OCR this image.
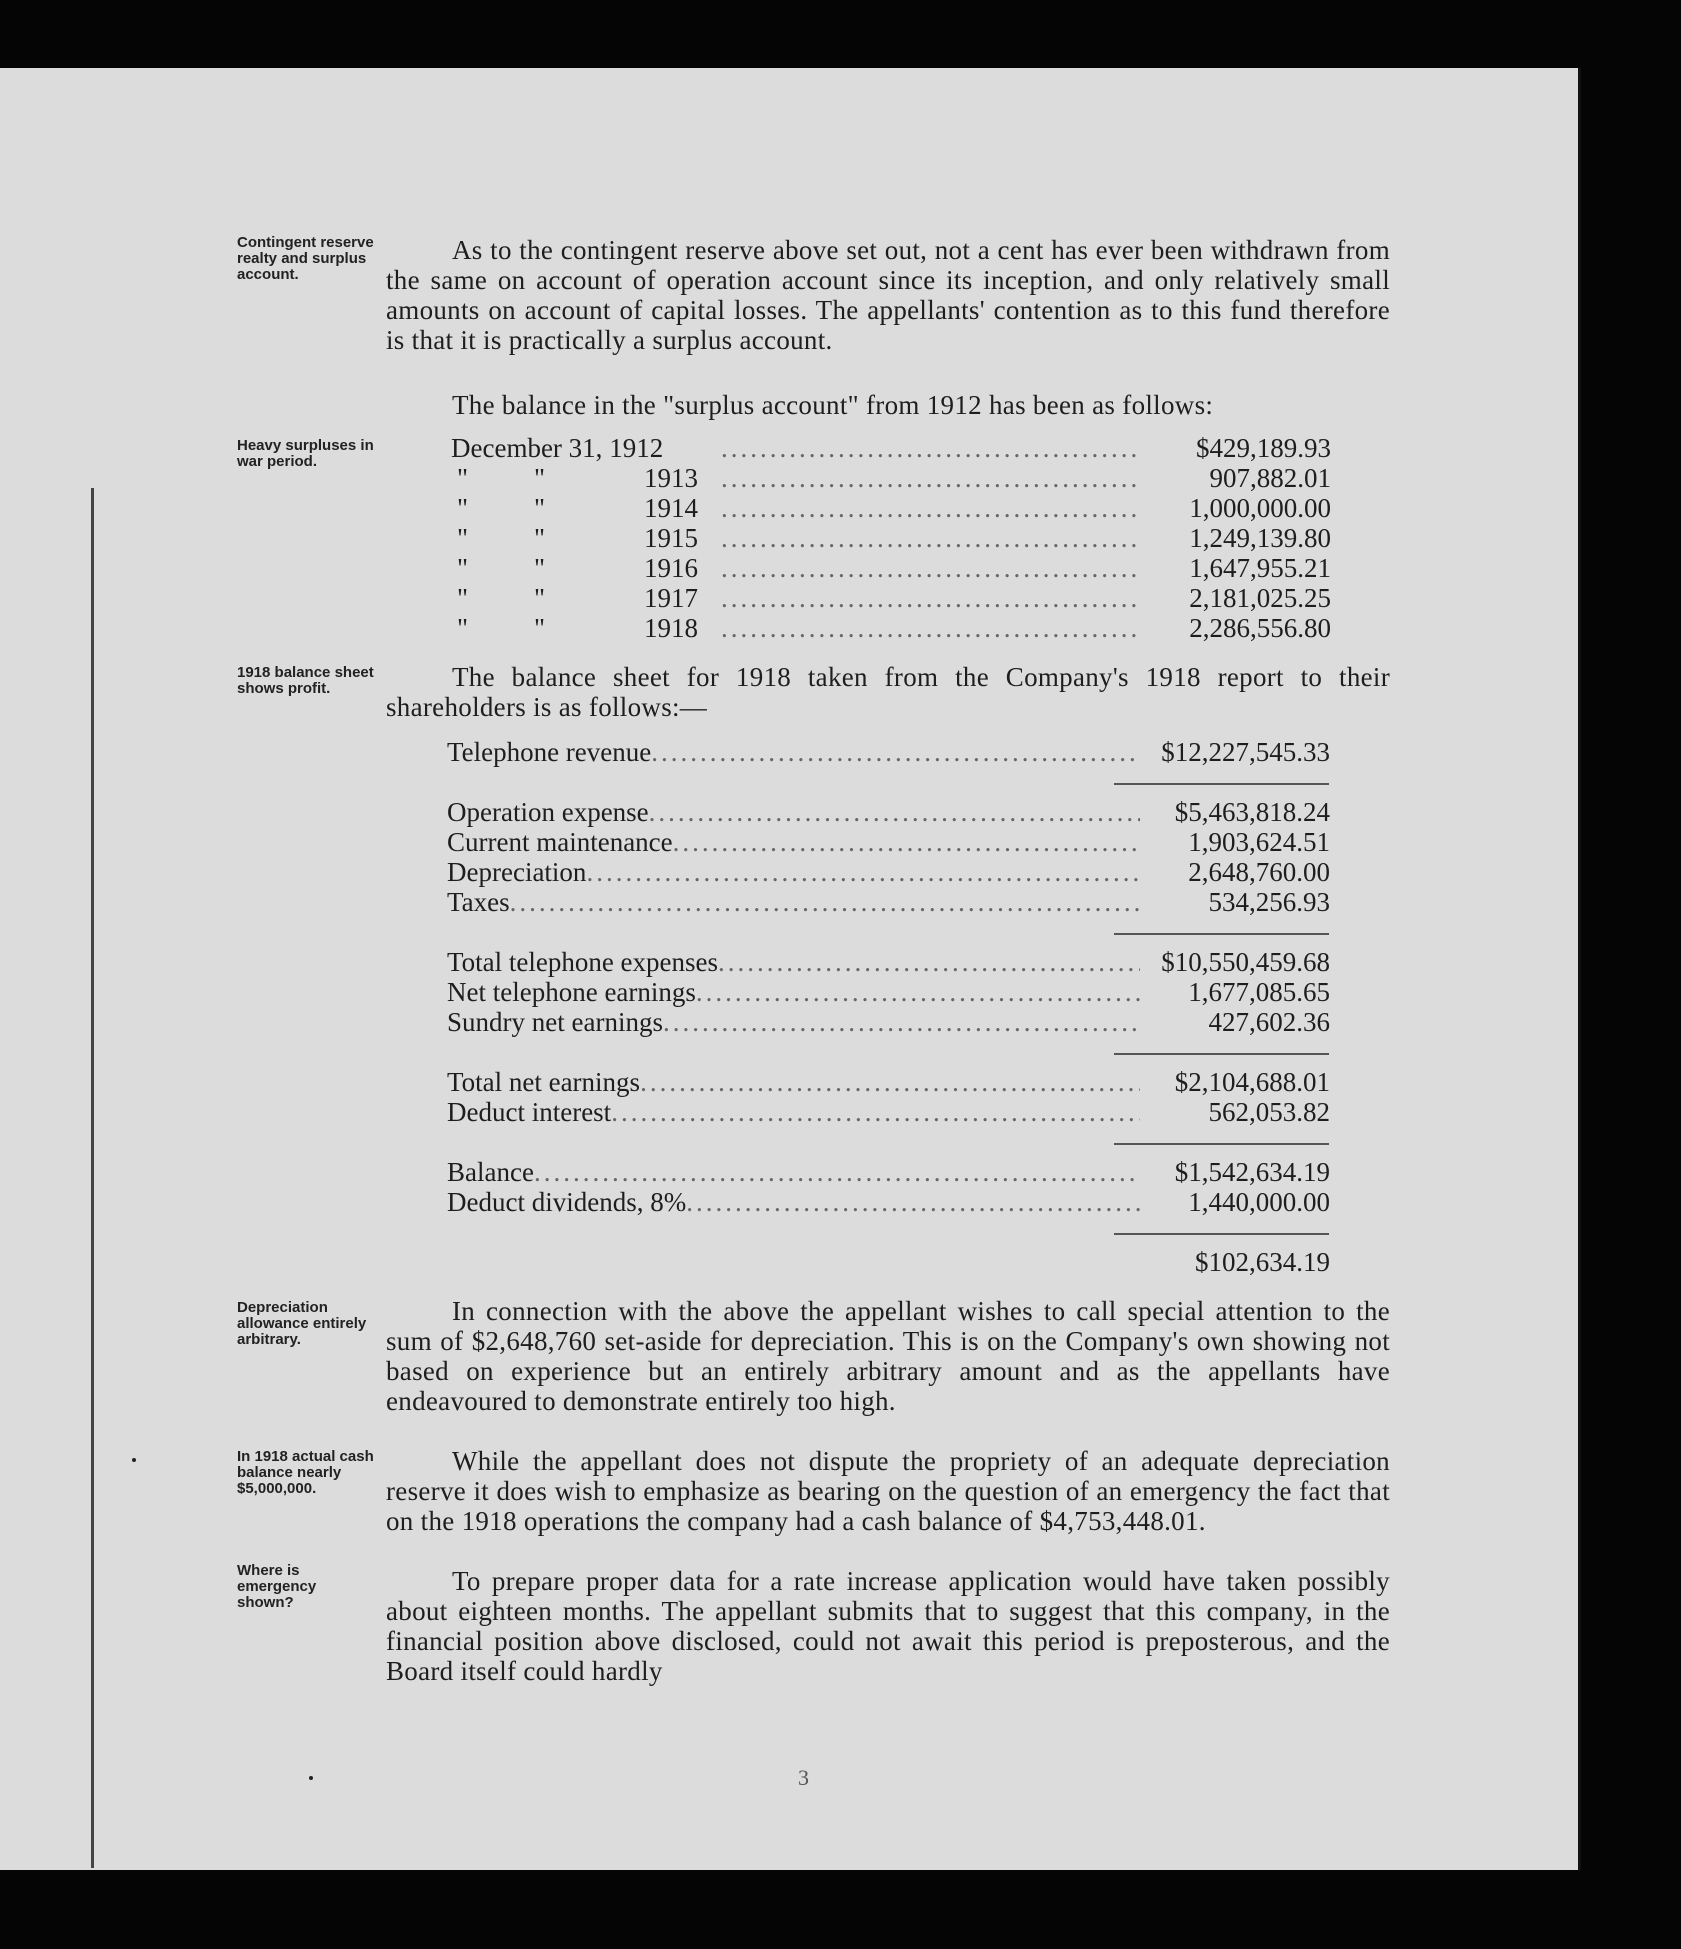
Contingent reserve realty and surplus account.
Heavy surpluses in war period.
1918 balance sheet shows profit.
Depreciation allowance entirely arbitrary.
In 1918 actual cash balance nearly $5,000,000.
Where is emergency shown?

As to the contingent reserve above set out, not a cent has ever been withdrawn from the same on account of operation account since its inception, and only relatively small amounts on account of capital losses. The appellants' contention as to this fund therefore is that it is practically a surplus account.

The balance in the "surplus account" from 1912 has been as follows:

December 31, 1912 .....	$429,189.93
" "	1913 .....	907,882.01
" "	1914 .....	1,000,000.00
" "	1915 .....	1,249,139.80
" "	1916 .....	1,647,955.21
" "	1917 .....	2,181,025.25
" "	1918 .....	2,286,556.80

The balance sheet for 1918 taken from the Company's 1918 report to their shareholders is as follows:—

Telephone revenue .....	$12,227,545.33
Operation expense .....	$5,463,818.24
Current maintenance .....	1,903,624.51
Depreciation .....	2,648,760.00
Taxes .....	534,256.93
Total telephone expenses .....	$10,550,459.68
Net telephone earnings .....	1,677,085.65
Sundry net earnings .....	427,602.36
Total net earnings .....	$2,104,688.01
Deduct interest .....	562,053.82
Balance .....	$1,542,634.19
Deduct dividends, 8% .....	1,440,000.00
$102,634.19

In connection with the above the appellant wishes to call special attention to the sum of $2,648,760 set-aside for depreciation. This is on the Company's own showing not based on experience but an entirely arbitrary amount and as the appellants have endeavoured to demonstrate entirely too high.

While the appellant does not dispute the propriety of an adequate depreciation reserve it does wish to emphasize as bearing on the question of an emergency the fact that on the 1918 operations the company had a cash balance of $4,753,448.01.

To prepare proper data for a rate increase application would have taken possibly about eighteen months. The appellant submits that to suggest that this company, in the financial position above disclosed, could not await this period is preposterous, and the Board itself could hardly

3
